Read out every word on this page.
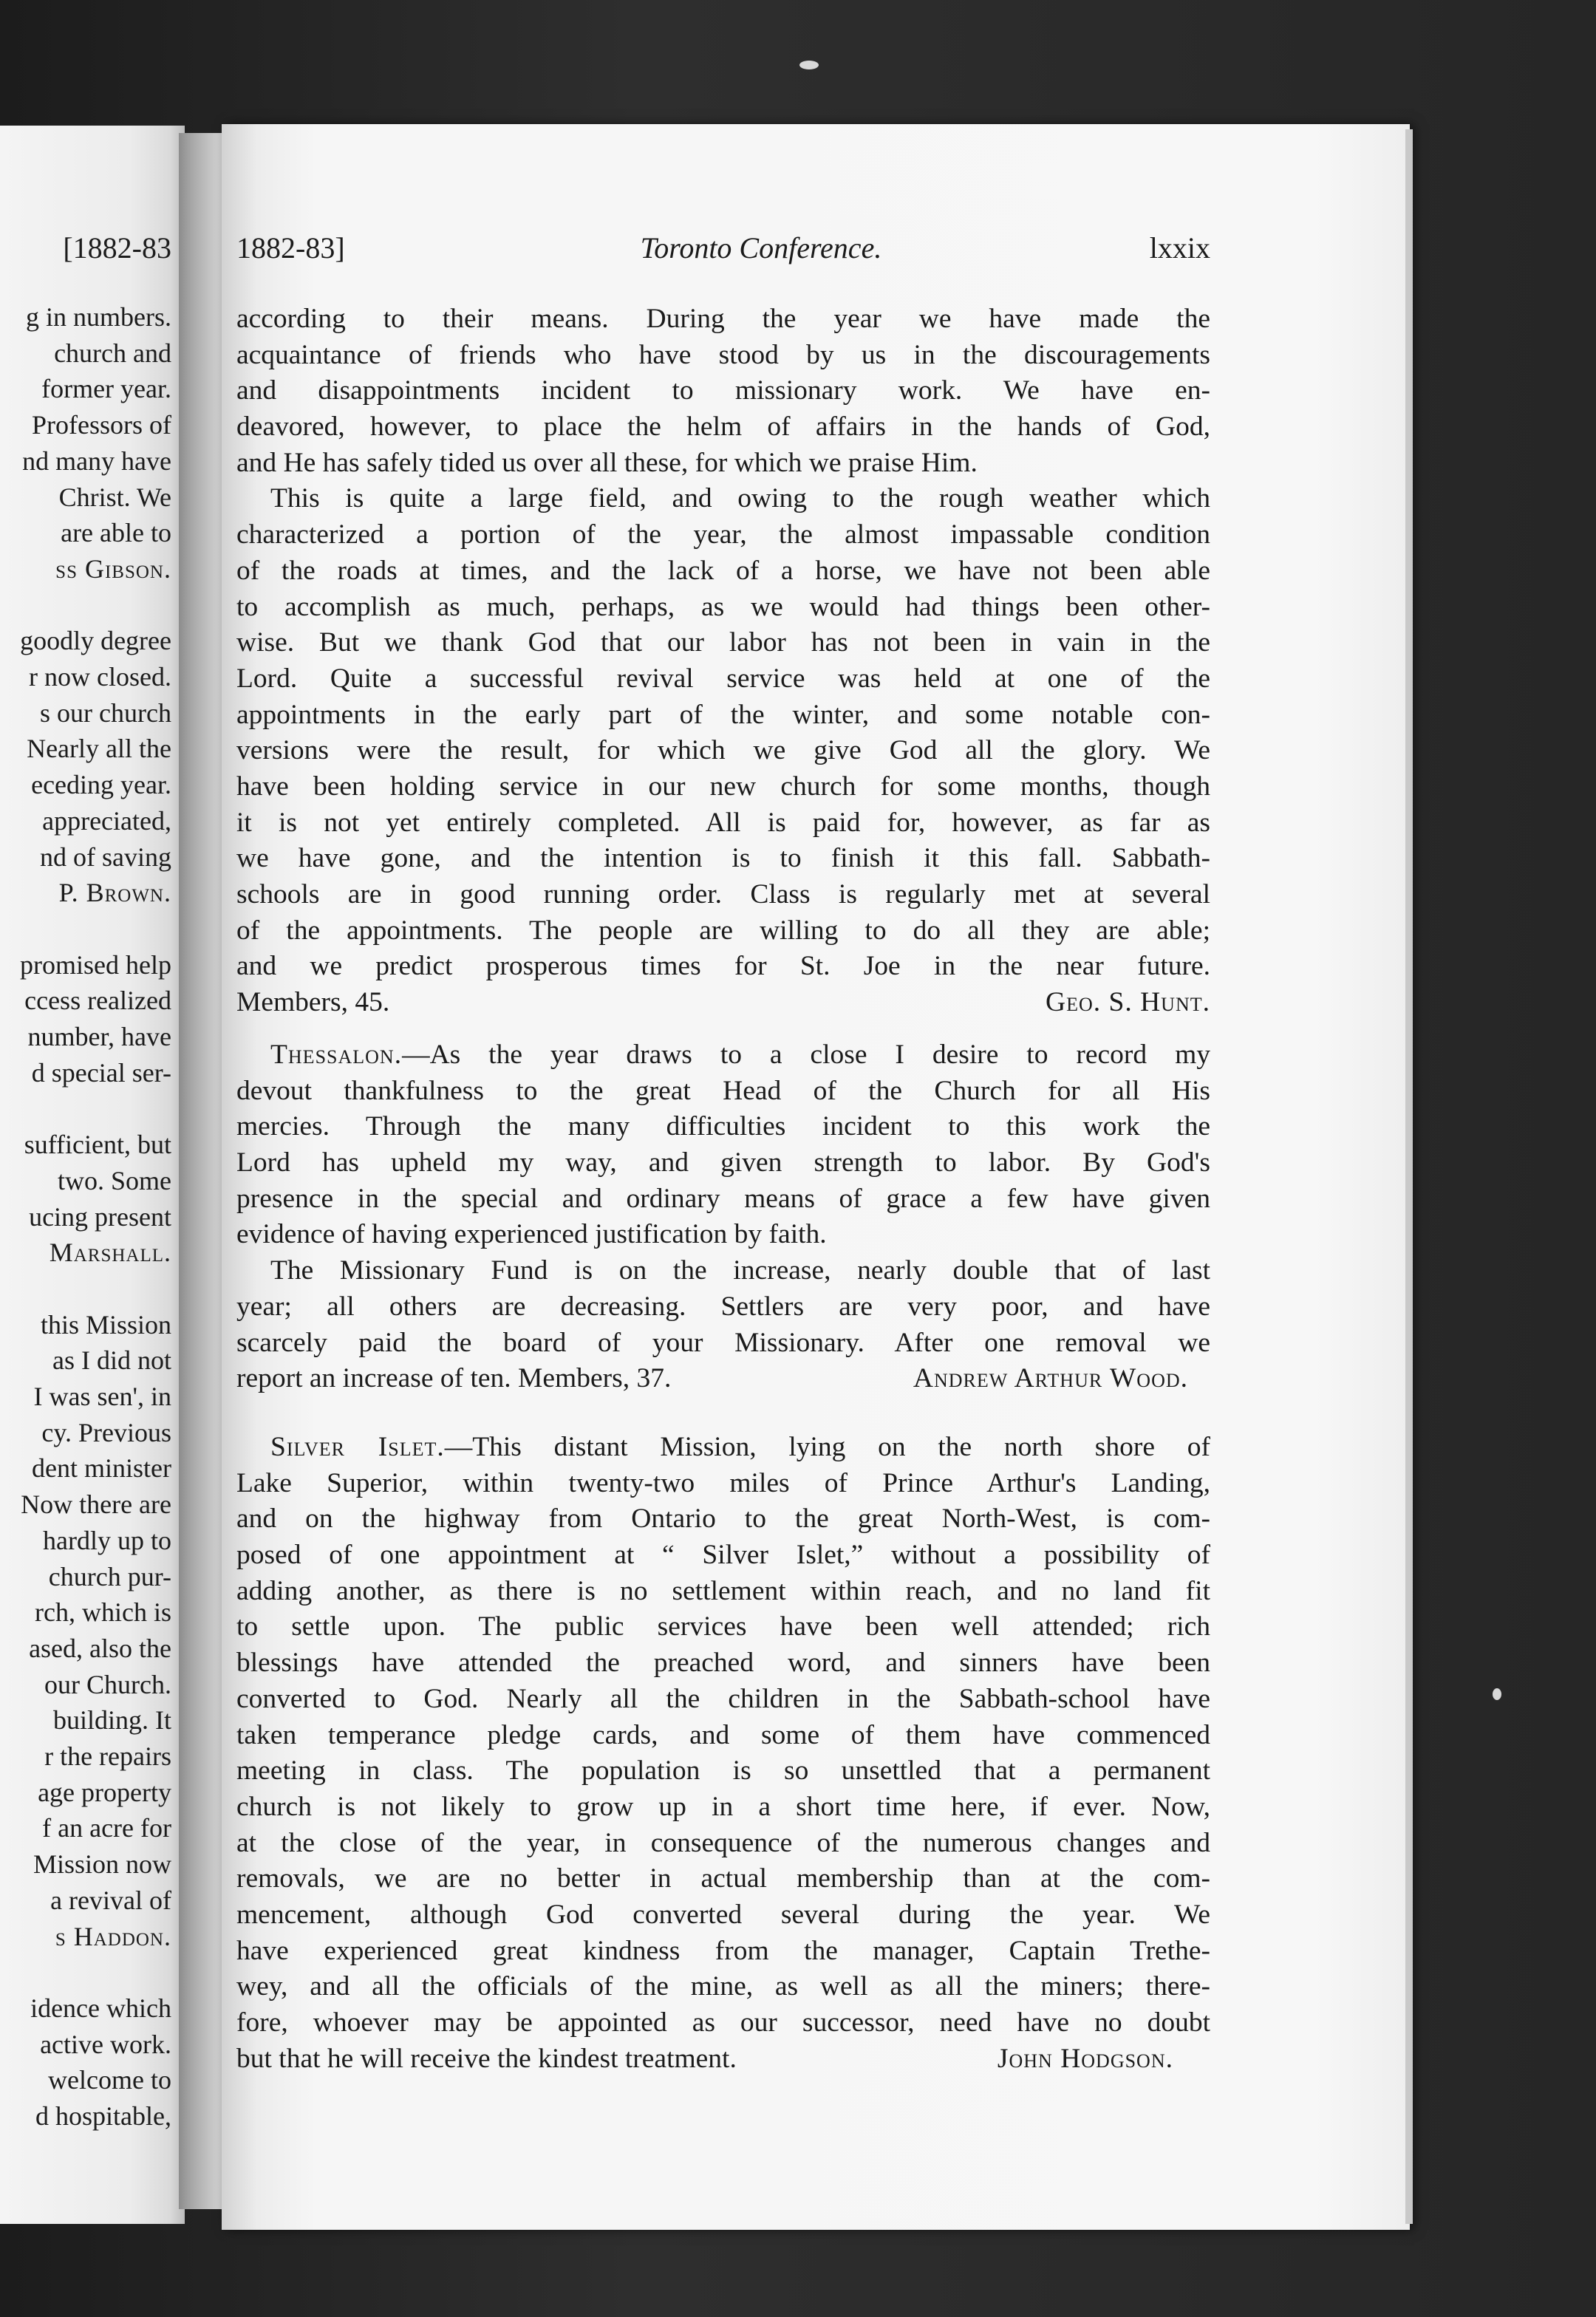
[1882-83
g in numbers.
church and
former year.
Professors of
nd many have
Christ. We
are able to
ss Gibson.
goodly degree
r now closed.
s our church
Nearly all the
eceding year.
appreciated,
nd of saving
P. Brown.
promised help
ccess realized
number, have
d special ser-
sufficient, but
two. Some
ucing present
Marshall.
this Mission
as I did not
I was sen', in
cy. Previous
dent minister
Now there are
hardly up to
church pur-
rch, which is
ased, also the
our Church.
building. It
r the repairs
age property
f an acre for
Mission now
a revival of
s Haddon.
idence which
active work.
welcome to
d hospitable,
1882-83]	Toronto Conference.	lxxix
according to their means. During the year we have made the
acquaintance of friends who have stood by us in the discouragements
and disappointments incident to missionary work. We have en-
deavored, however, to place the helm of affairs in the hands of God,
and He has safely tided us over all these, for which we praise Him.
This is quite a large field, and owing to the rough weather which
characterized a portion of the year, the almost impassable condition
of the roads at times, and the lack of a horse, we have not been able
to accomplish as much, perhaps, as we would had things been other-
wise. But we thank God that our labor has not been in vain in the
Lord. Quite a successful revival service was held at one of the
appointments in the early part of the winter, and some notable con-
versions were the result, for which we give God all the glory. We
have been holding service in our new church for some months, though
it is not yet entirely completed. All is paid for, however, as far as
we have gone, and the intention is to finish it this fall. Sabbath-
schools are in good running order. Class is regularly met at several
of the appointments. The people are willing to do all they are able;
and we predict prosperous times for St. Joe in the near future.
Members, 45.	Geo. S. Hunt.
Thessalon.—As the year draws to a close I desire to record my
devout thankfulness to the great Head of the Church for all His
mercies. Through the many difficulties incident to this work the
Lord has upheld my way, and given strength to labor. By God's
presence in the special and ordinary means of grace a few have given
evidence of having experienced justification by faith.
The Missionary Fund is on the increase, nearly double that of last
year; all others are decreasing. Settlers are very poor, and have
scarcely paid the board of your Missionary. After one removal we
report an increase of ten. Members, 37.	Andrew Arthur Wood.
Silver Islet.—This distant Mission, lying on the north shore of
Lake Superior, within twenty-two miles of Prince Arthur's Landing,
and on the highway from Ontario to the great North-West, is com-
posed of one appointment at “ Silver Islet,” without a possibility of
adding another, as there is no settlement within reach, and no land fit
to settle upon. The public services have been well attended; rich
blessings have attended the preached word, and sinners have been
converted to God. Nearly all the children in the Sabbath-school have
taken temperance pledge cards, and some of them have commenced
meeting in class. The population is so unsettled that a permanent
church is not likely to grow up in a short time here, if ever. Now,
at the close of the year, in consequence of the numerous changes and
removals, we are no better in actual membership than at the com-
mencement, although God converted several during the year. We
have experienced great kindness from the manager, Captain Trethe-
wey, and all the officials of the mine, as well as all the miners; there-
fore, whoever may be appointed as our successor, need have no doubt
but that he will receive the kindest treatment.	John Hodgson.
